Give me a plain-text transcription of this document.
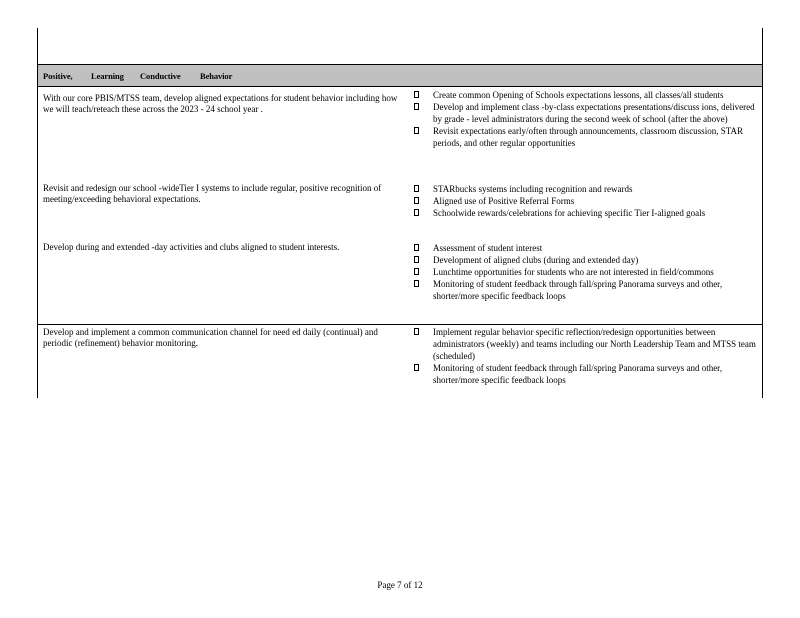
Positive, Learning Conductive Behavior
With our core PBIS/MTSS team, develop aligned expectations for student behavior including how we will teach/reteach these across the 2023 - 24 school year .
Create common Opening of Schools expectations lessons, all classes/all students
Develop and implement class -by-class expectations presentations/discuss ions, delivered by grade - level administrators during the second week of school (after the above)
Revisit expectations early/often through announcements, classroom discussion, STAR periods, and other regular opportunities
Revisit and redesign our school -wideTier I systems to include regular, positive recognition of meeting/exceeding behavioral expectations.
STARbucks systems including recognition and rewards
Aligned use of Positive Referral Forms
Schoolwide rewards/celebrations for achieving specific Tier I-aligned goals
Develop during and extended -day activities and clubs aligned to student interests.	Assessment of student interest
Development of aligned clubs (during and extended day)
Lunchtime opportunities for students who are not interested in field/commons
Monitoring of student feedback through fall/spring Panorama surveys and other, shorter/more specific feedback loops
Develop and implement a common communication channel for need ed daily (continual) and periodic (refinement) behavior monitoring.
Implement regular behavior specific reflection/redesign opportunities between administrators (weekly) and teams including our North Leadership Team and MTSS team (scheduled)
Monitoring of student feedback through fall/spring Panorama surveys and other, shorter/more specific feedback loops
Page 7 of 12
